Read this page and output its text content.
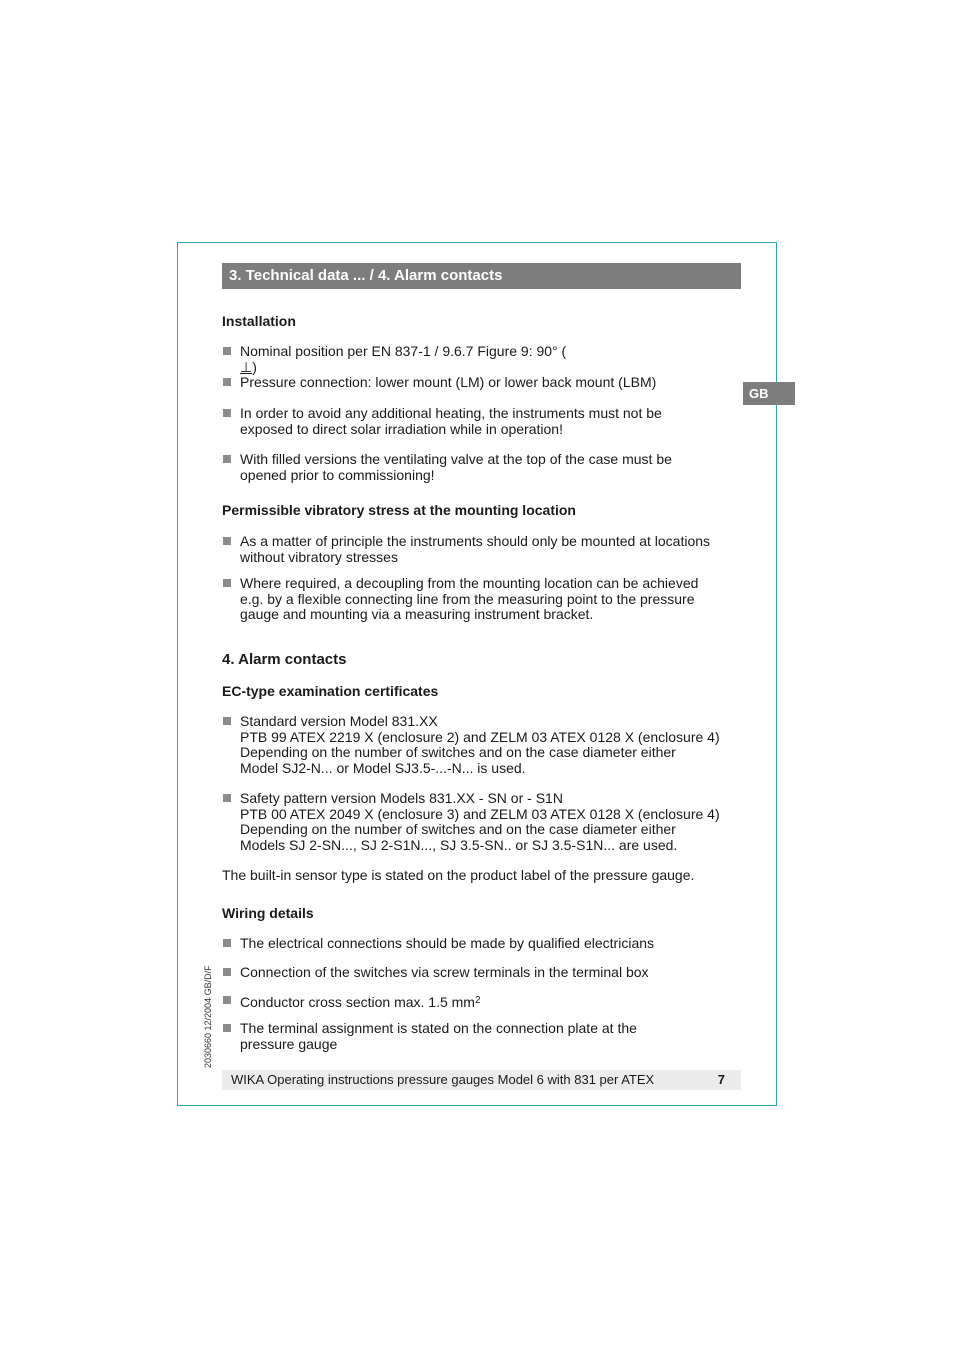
3. Technical data ... / 4. Alarm contacts
GB
Installation
Nominal position per EN 837-1 / 9.6.7 Figure 9: 90° (
⊥)
Pressure connection: lower mount (LM) or lower back mount (LBM)
In order to avoid any additional heating, the instruments must not be
exposed to direct solar irradiation while in operation!
With filled versions the ventilating valve at the top of the case must be
opened prior to commissioning!
Permissible vibratory stress at the mounting location
As a matter of principle the instruments should only be mounted at locations
without vibratory stresses
Where required, a decoupling from the mounting location can be achieved
e.g. by a flexible connecting line from the measuring point to the pressure
gauge and mounting via a measuring instrument bracket.
4. Alarm contacts
EC-type examination certificates
Standard version Model 831.XX
PTB 99 ATEX 2219 X (enclosure 2) and ZELM 03 ATEX 0128 X (enclosure 4)
Depending on the number of switches and on the case diameter either
Model SJ2-N... or Model SJ3.5-...-N... is used.
Safety pattern version Models 831.XX - SN or - S1N
PTB 00 ATEX 2049 X (enclosure 3) and ZELM 03 ATEX 0128 X (enclosure 4)
Depending on the number of switches and on the case diameter either
Models SJ 2-SN..., SJ 2-S1N..., SJ 3.5-SN.. or SJ 3.5-S1N... are used.
The built-in sensor type is stated on the product label of the pressure gauge.
Wiring details
The electrical connections should be made by qualified electricians
Connection of the switches via screw terminals in the terminal box
Conductor cross section max. 1.5 $mm^2$
The terminal assignment is stated on the connection plate at the
pressure gauge
WIKA Operating instructions pressure gauges Model 6 with 831 per ATEX	7
2030660 12/2004 GB/D/F
